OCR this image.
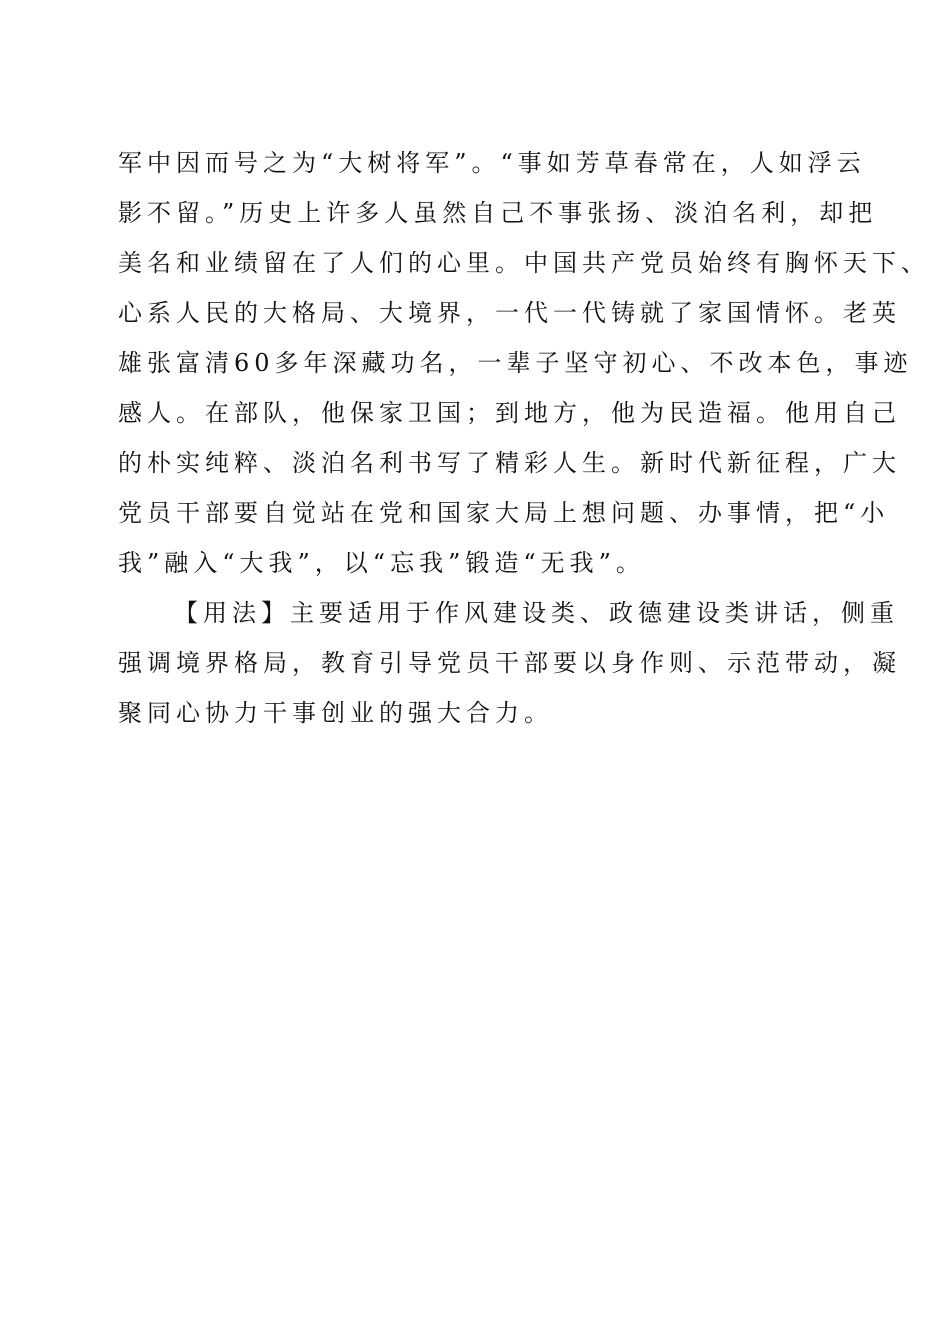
军中因而号之为“大树将军”。“事如芳草春常在，人如浮云
影不留。”历史上许多人虽然自己不事张扬、淡泊名利，却把
美名和业绩留在了人们的心里。中国共产党员始终有胸怀天下、
心系人民的大格局、大境界，一代一代铸就了家国情怀。老英
雄张富清60多年深藏功名，一辈子坚守初心、不改本色，事迹
感人。在部队，他保家卫国；到地方，他为民造福。他用自己
的朴实纯粹、淡泊名利书写了精彩人生。新时代新征程，广大
党员干部要自觉站在党和国家大局上想问题、办事情，把“小
我”融入“大我”，以“忘我”锻造“无我”。
【用法】主要适用于作风建设类、政德建设类讲话，侧重
强调境界格局，教育引导党员干部要以身作则、示范带动，凝
聚同心协力干事创业的强大合力。
